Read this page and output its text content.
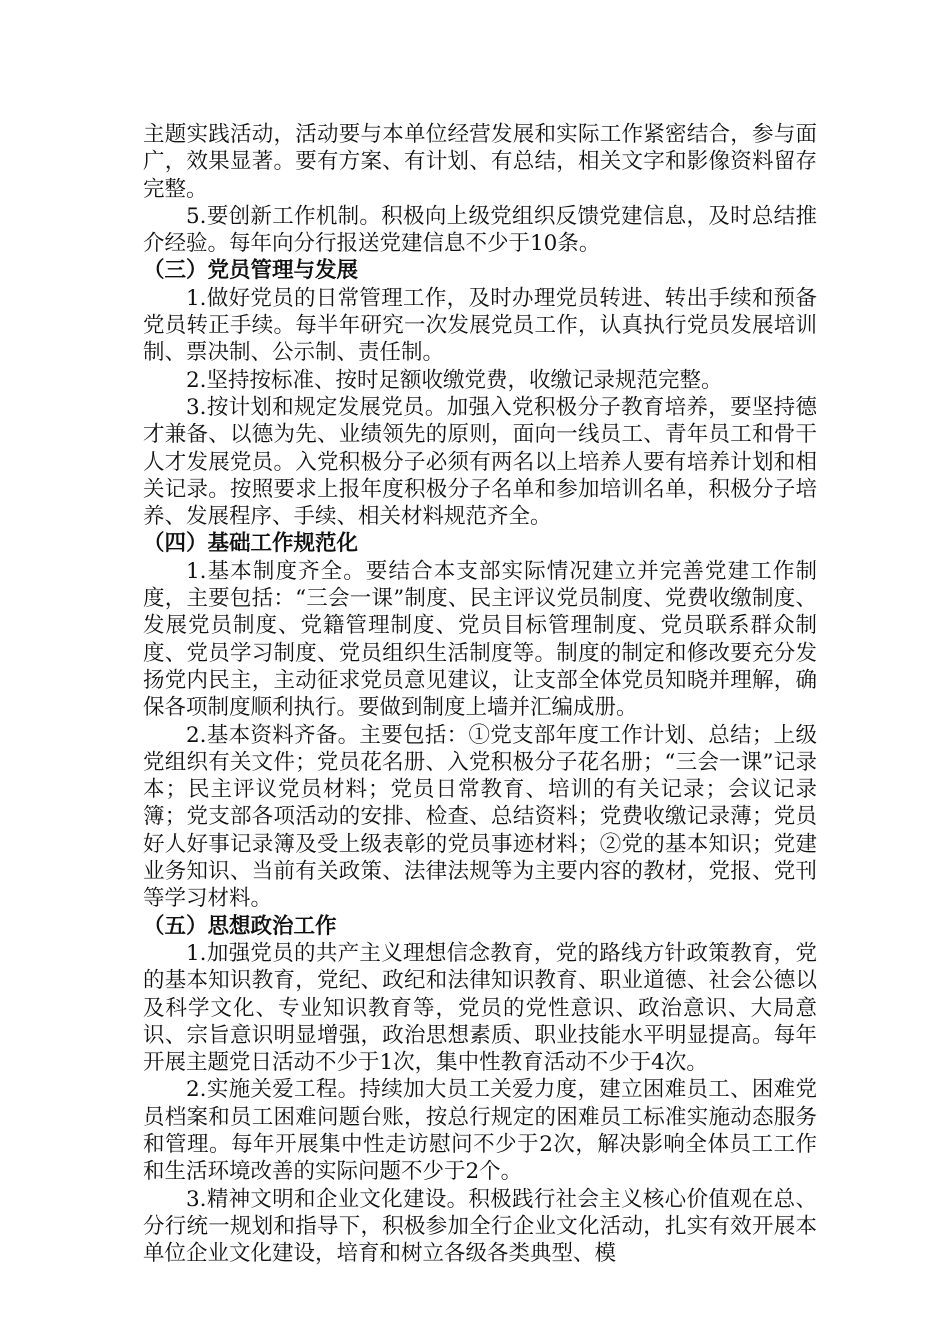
主题实践活动，活动要与本单位经营发展和实际工作紧密结合，参与面广，效果显著。要有方案、有计划、有总结，相关文字和影像资料留存完整。

5.要创新工作机制。积极向上级党组织反馈党建信息，及时总结推介经验。每年向分行报送党建信息不少于10条。

（三）党员管理与发展

1.做好党员的日常管理工作，及时办理党员转进、转出手续和预备党员转正手续。每半年研究一次发展党员工作，认真执行党员发展培训制、票决制、公示制、责任制。

2.坚持按标准、按时足额收缴党费，收缴记录规范完整。

3.按计划和规定发展党员。加强入党积极分子教育培养，要坚持德才兼备、以德为先、业绩领先的原则，面向一线员工、青年员工和骨干人才发展党员。入党积极分子必须有两名以上培养人要有培养计划和相关记录。按照要求上报年度积极分子名单和参加培训名单，积极分子培养、发展程序、手续、相关材料规范齐全。

（四）基础工作规范化

1.基本制度齐全。要结合本支部实际情况建立并完善党建工作制度，主要包括：“三会一课”制度、民主评议党员制度、党费收缴制度、发展党员制度、党籍管理制度、党员目标管理制度、党员联系群众制度、党员学习制度、党员组织生活制度等。制度的制定和修改要充分发扬党内民主，主动征求党员意见建议，让支部全体党员知晓并理解，确保各项制度顺利执行。要做到制度上墙并汇编成册。

2.基本资料齐备。主要包括：①党支部年度工作计划、总结；上级党组织有关文件；党员花名册、入党积极分子花名册；“三会一课”记录本；民主评议党员材料；党员日常教育、培训的有关记录；会议记录簿；党支部各项活动的安排、检查、总结资料；党费收缴记录薄；党员好人好事记录簿及受上级表彰的党员事迹材料；②党的基本知识；党建业务知识、当前有关政策、法律法规等为主要内容的教材，党报、党刊等学习材料。

（五）思想政治工作

1.加强党员的共产主义理想信念教育，党的路线方针政策教育，党的基本知识教育，党纪、政纪和法律知识教育、职业道德、社会公德以及科学文化、专业知识教育等，党员的党性意识、政治意识、大局意识、宗旨意识明显增强，政治思想素质、职业技能水平明显提高。每年开展主题党日活动不少于1次，集中性教育活动不少于4次。

2.实施关爱工程。持续加大员工关爱力度，建立困难员工、困难党员档案和员工困难问题台账，按总行规定的困难员工标准实施动态服务和管理。每年开展集中性走访慰问不少于2次，解决影响全体员工工作和生活环境改善的实际问题不少于2个。

3.精神文明和企业文化建设。积极践行社会主义核心价值观在总、分行统一规划和指导下，积极参加全行企业文化活动，扎实有效开展本单位企业文化建设，培育和树立各级各类典型、模
